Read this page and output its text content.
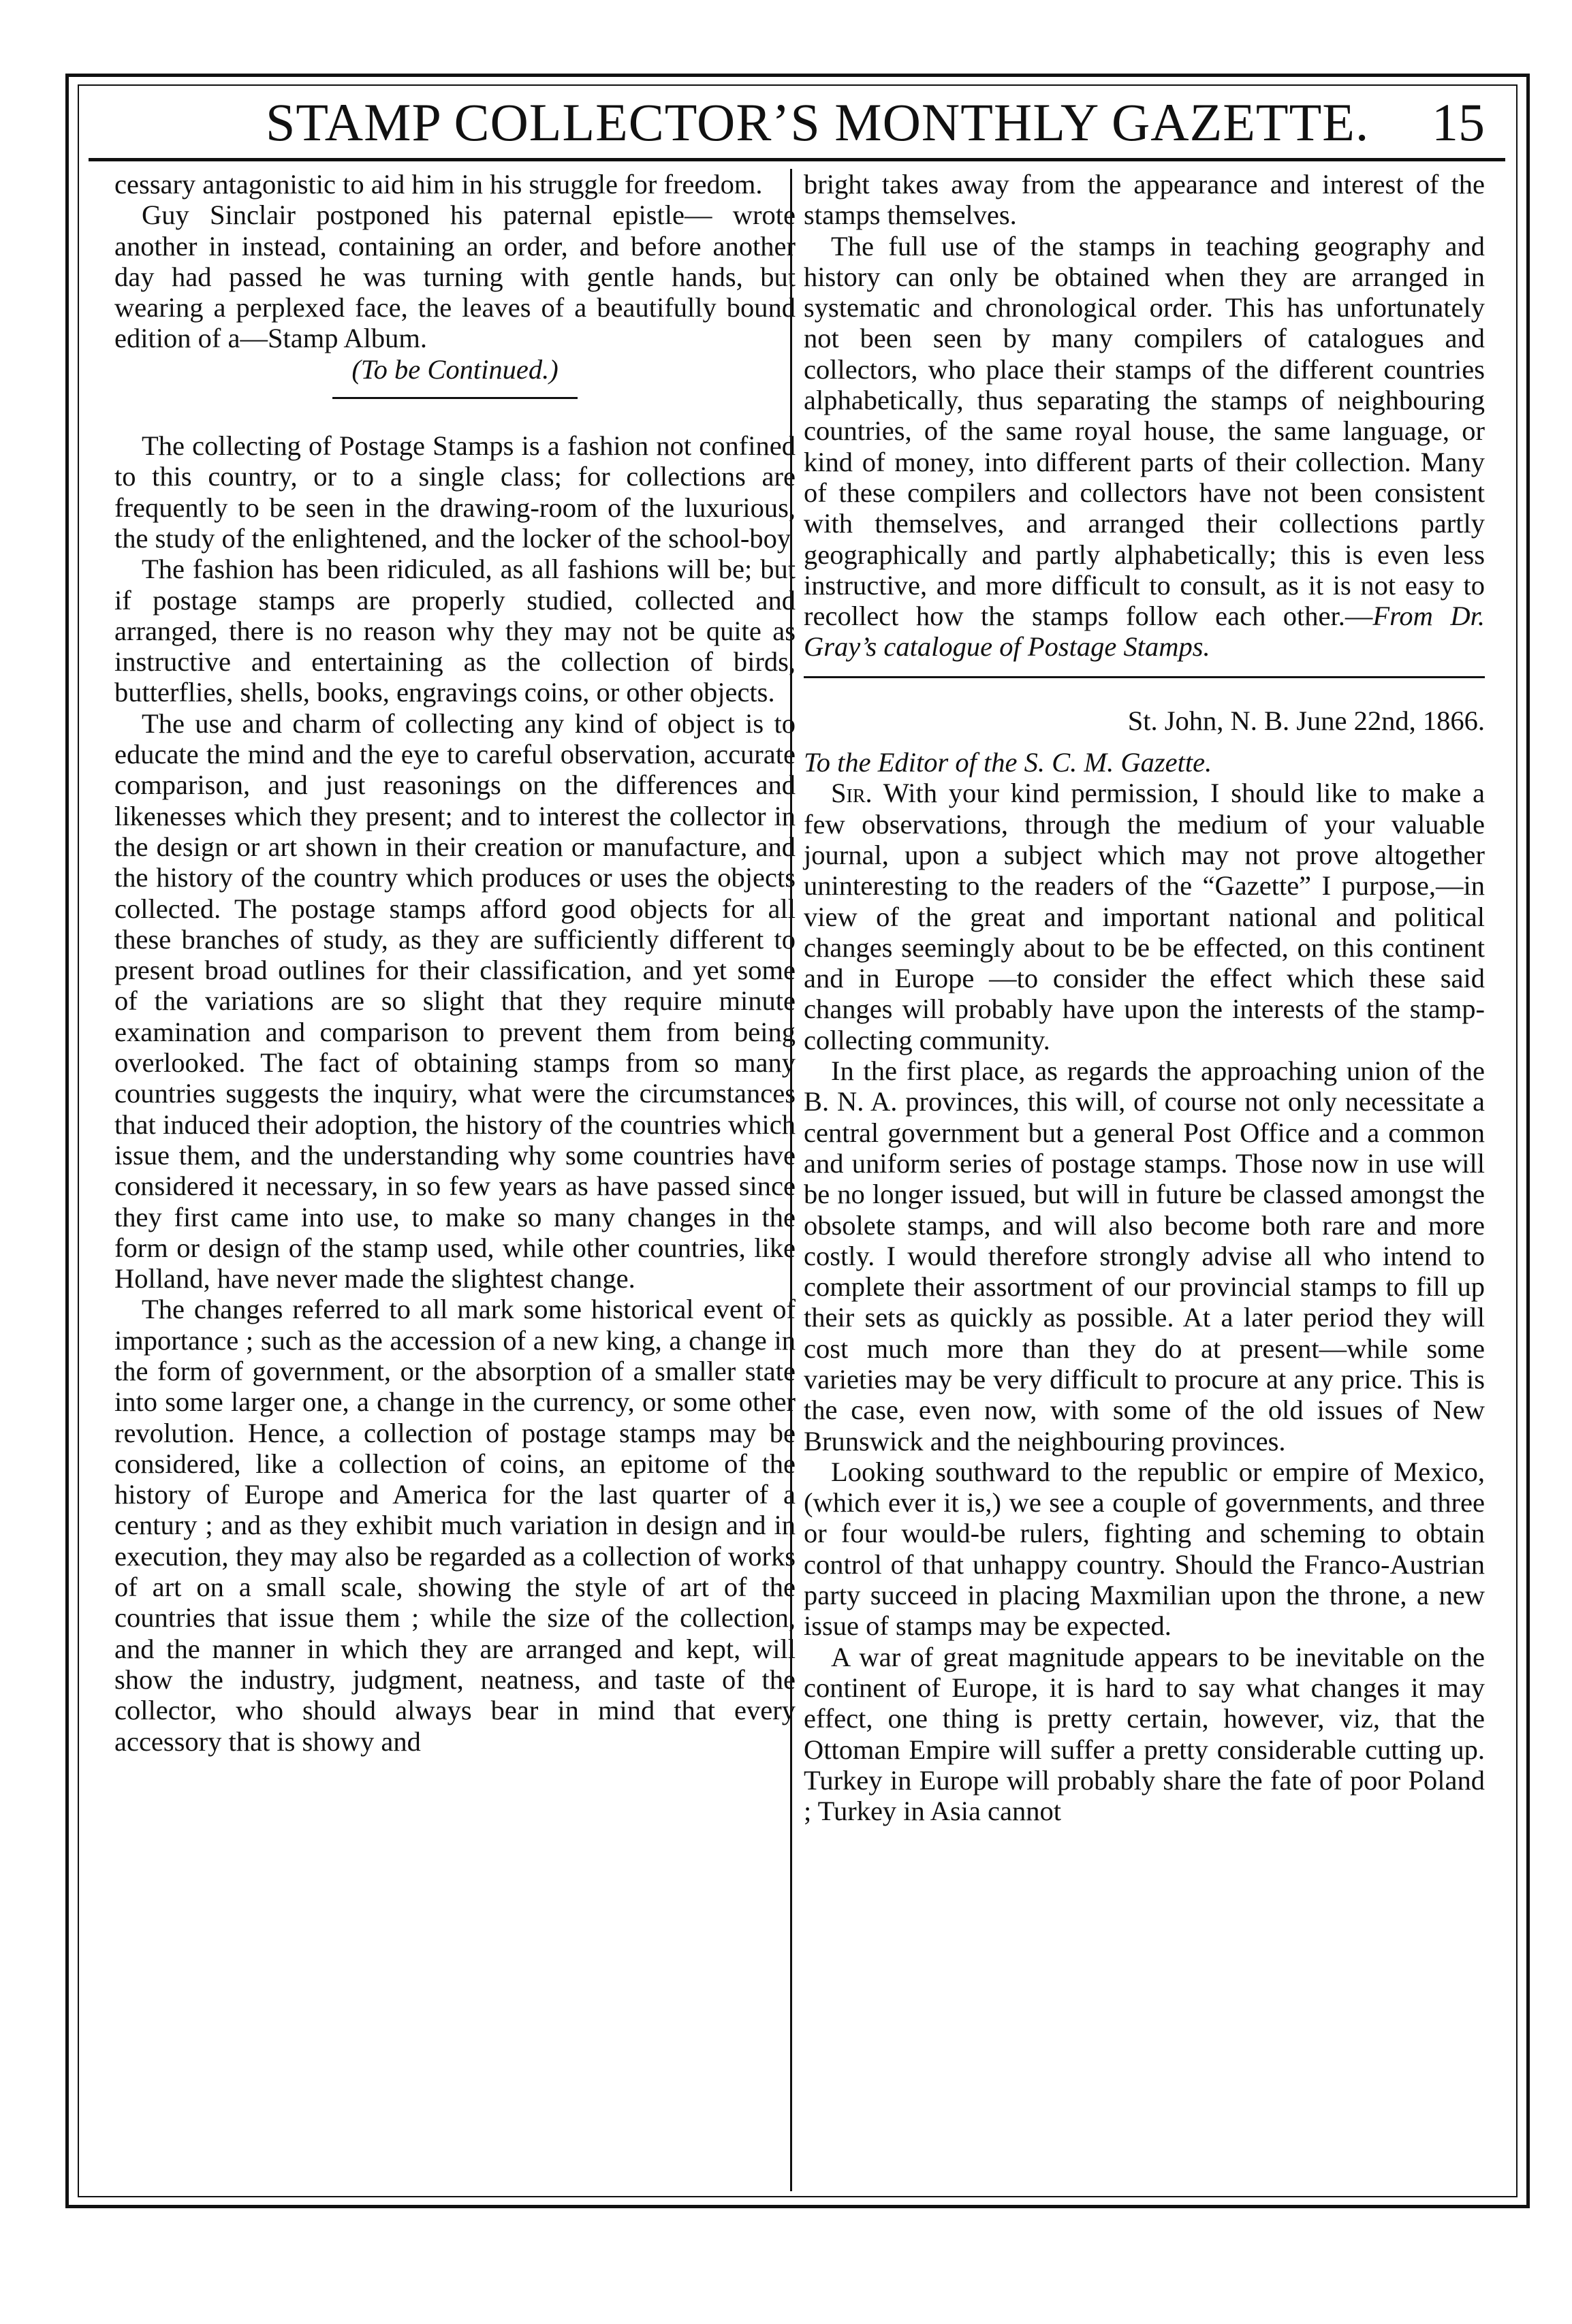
STAMP COLLECTOR’S MONTHLY GAZETTE. 15

cessary antagonistic to aid him in his struggle for freedom.

Guy Sinclair postponed his paternal epistle— wrote another in instead, containing an order, and before another day had passed he was turning with gentle hands, but wearing a perplexed face, the leaves of a beautifully bound edition of a—Stamp Album.

(To be Continued.)

The collecting of Postage Stamps is a fashion not confined to this country, or to a single class; for collections are frequently to be seen in the drawing-room of the luxurious, the study of the enlightened, and the locker of the school-boy

The fashion has been ridiculed, as all fashions will be; but if postage stamps are properly studied, collected and arranged, there is no reason why they may not be quite as instructive and entertaining as the collection of birds, butterflies, shells, books, engravings coins, or other objects.

The use and charm of collecting any kind of object is to educate the mind and the eye to careful observation, accurate comparison, and just reasonings on the differences and likenesses which they present; and to interest the collector in the design or art shown in their creation or manufacture, and the history of the country which produces or uses the objects collected. The postage stamps afford good objects for all these branches of study, as they are sufficiently different to present broad outlines for their classification, and yet some of the variations are so slight that they require minute examination and comparison to prevent them from being overlooked. The fact of obtaining stamps from so many countries suggests the inquiry, what were the circumstances that induced their adoption, the history of the countries which issue them, and the understanding why some countries have considered it necessary, in so few years as have passed since they first came into use, to make so many changes in the form or design of the stamp used, while other countries, like Holland, have never made the slightest change.

The changes referred to all mark some historical event of importance ; such as the accession of a new king, a change in the form of government, or the absorption of a smaller state into some larger one, a change in the currency, or some other revolution. Hence, a collection of postage stamps may be considered, like a collection of coins, an epitome of the history of Europe and America for the last quarter of a century ; and as they exhibit much variation in design and in execution, they may also be regarded as a collection of works of art on a small scale, showing the style of art of the countries that issue them ; while the size of the collection, and the manner in which they are arranged and kept, will show the industry, judgment, neatness, and taste of the collector, who should always bear in mind that every accessory that is showy and

bright takes away from the appearance and interest of the stamps themselves.

The full use of the stamps in teaching geography and history can only be obtained when they are arranged in systematic and chronological order. This has unfortunately not been seen by many compilers of catalogues and collectors, who place their stamps of the different countries alphabetically, thus separating the stamps of neighbouring countries, of the same royal house, the same language, or kind of money, into different parts of their collection. Many of these compilers and collectors have not been consistent with themselves, and arranged their collections partly geographically and partly alphabetically; this is even less instructive, and more difficult to consult, as it is not easy to recollect how the stamps follow each other.—From Dr. Gray’s catalogue of Postage Stamps.

St. John, N. B. June 22nd, 1866.

To the Editor of the S. C. M. Gazette.

Sir. With your kind permission, I should like to make a few observations, through the medium of your valuable journal, upon a subject which may not prove altogether uninteresting to the readers of the “Gazette” I purpose,—in view of the great and important national and political changes seemingly about to be be effected, on this continent and in Europe —to consider the effect which these said changes will probably have upon the interests of the stamp-collecting community.

In the first place, as regards the approaching union of the B. N. A. provinces, this will, of course not only necessitate a central government but a general Post Office and a common and uniform series of postage stamps. Those now in use will be no longer issued, but will in future be classed amongst the obsolete stamps, and will also become both rare and more costly. I would therefore strongly advise all who intend to complete their assortment of our provincial stamps to fill up their sets as quickly as possible. At a later period they will cost much more than they do at present—while some varieties may be very difficult to procure at any price. This is the case, even now, with some of the old issues of New Brunswick and the neighbouring provinces.

Looking southward to the republic or empire of Mexico, (which ever it is,) we see a couple of governments, and three or four would-be rulers, fighting and scheming to obtain control of that unhappy country. Should the Franco-Austrian party succeed in placing Maxmilian upon the throne, a new issue of stamps may be expected.

A war of great magnitude appears to be inevitable on the continent of Europe, it is hard to say what changes it may effect, one thing is pretty certain, however, viz, that the Ottoman Empire will suffer a pretty considerable cutting up. Turkey in Europe will probably share the fate of poor Poland ; Turkey in Asia cannot
